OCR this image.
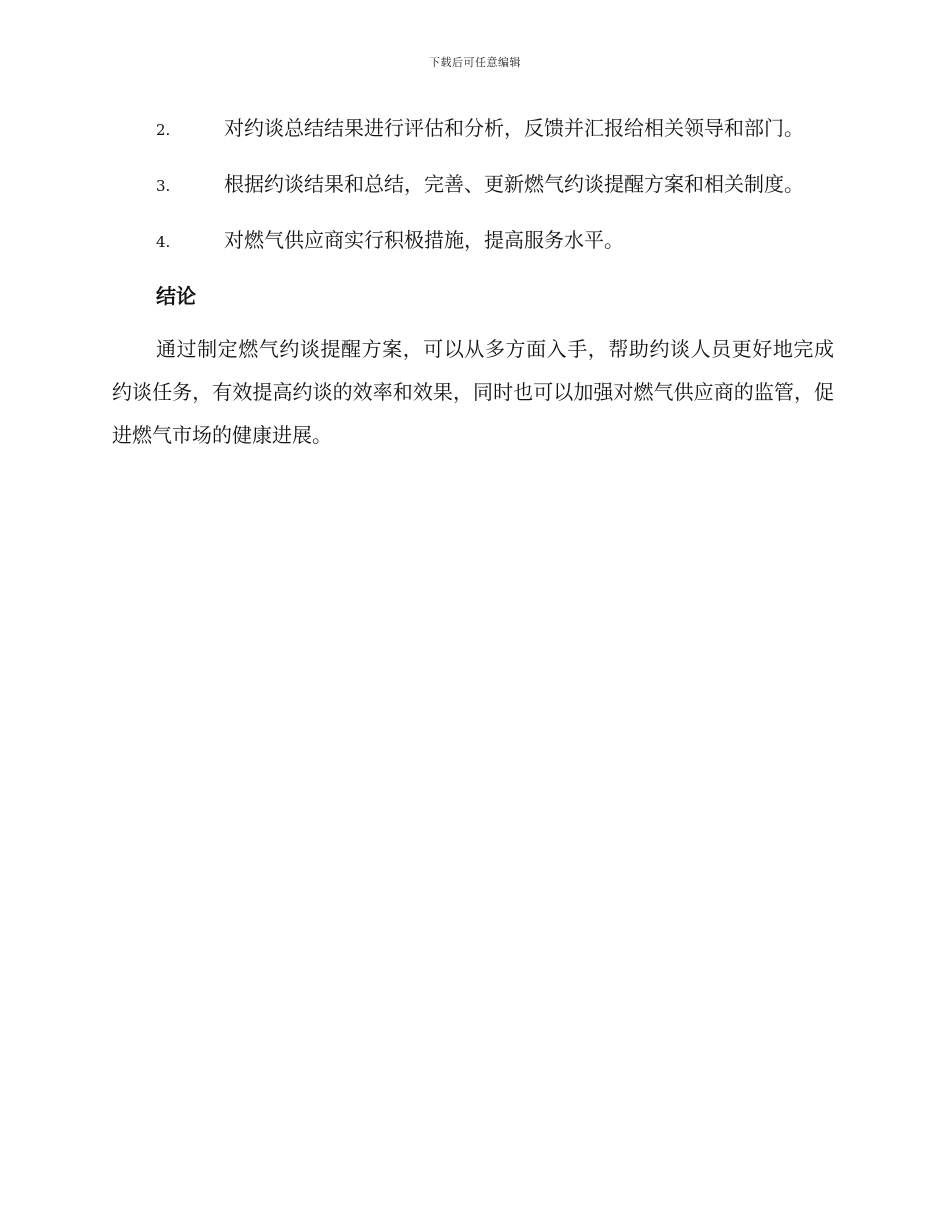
下载后可任意编辑

2.	对约谈总结结果进行评估和分析，反馈并汇报给相关领导和部门。

3.	根据约谈结果和总结，完善、更新燃气约谈提醒方案和相关制度。

4.	对燃气供应商实行积极措施，提高服务水平。

结论

通过制定燃气约谈提醒方案，可以从多方面入手，帮助约谈人员更好地完成约谈任务，有效提高约谈的效率和效果，同时也可以加强对燃气供应商的监管，促进燃气市场的健康进展。
